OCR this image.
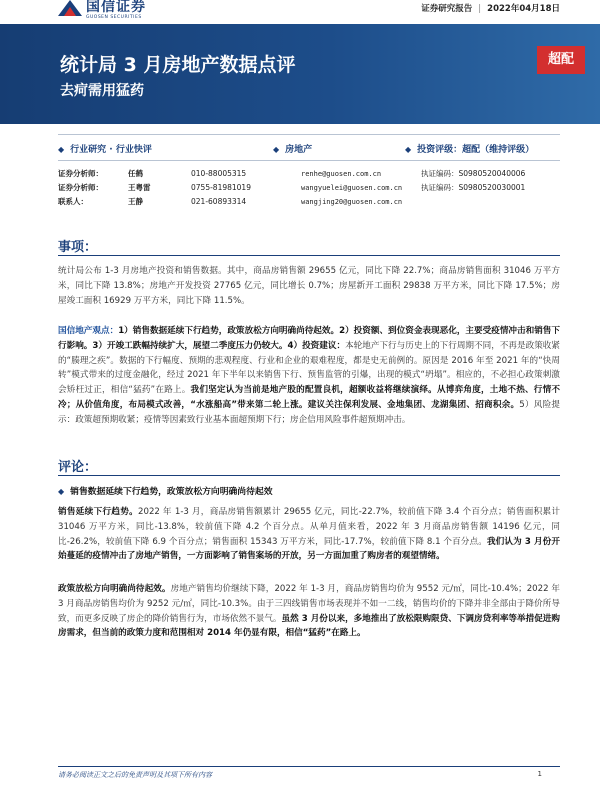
国信证券
GUOSEN SECURITIES
证券研究报告 | 2022年04月18日
统计局 3 月房地产数据点评
去疴需用猛药
超配
◆ 行业研究 · 行业快评	◆ 房地产	◆ 投资评级：超配（维持评级）
证券分析师：	任鹤	010-88005315	renhe@guosen.com.cn	执证编码：S0980520040006
证券分析师：	王粤雷	0755-81981019	wangyuelei@guosen.com.cn	执证编码：S0980520030001
联系人：	王静	021-60893314	wangjing20@guosen.com.cn
事项：
统计局公布 1-3 月房地产投资和销售数据。其中，商品房销售额 29655 亿元，同比下降 22.7%；商品房销售面积 31046 万平方米，同比下降 13.8%；房地产开发投资 27765 亿元，同比增长 0.7%；房屋新开工面积 29838 万平方米，同比下降 17.5%；房屋竣工面积 16929 万平方米，同比下降 11.5%。
国信地产观点：1）销售数据延续下行趋势，政策放松方向明确尚待起效。2）投资额、到位资金表现恶化，主要受疫情冲击和销售下行影响。3）开竣工跌幅持续扩大，展望二季度压力仍较大。4）投资建议：本轮地产下行与历史上的下行周期不同，不再是政策收紧的“腠理之疾”。数据的下行幅度、预期的悲观程度、行业和企业的艰难程度，都是史无前例的。原因是 2016 年至 2021 年的“快周转”模式带来的过度金融化，经过 2021 年下半年以来销售下行、预售监管的引爆，出现的模式“坍塌”。相应的，不必担心政策刺激会矫枉过正，相信“猛药”在路上。我们坚定认为当前是地产股的配置良机，超额收益将继续演绎。从博弈角度，土地不热、行情不冷；从价值角度，布局模式改善，“水涨船高”带来第二轮上涨。建议关注保利发展、金地集团、龙湖集团、招商积余。5）风险提示：政策超预期收紧；疫情等因素致行业基本面超预期下行；房企信用风险事件超预期冲击。
评论：
◆ 销售数据延续下行趋势，政策放松方向明确尚待起效
销售延续下行趋势。2022 年 1-3 月，商品房销售额累计 29655 亿元，同比-22.7%，较前值下降 3.4 个百分点；销售面积累计 31046 万平方米，同比-13.8%，较前值下降 4.2 个百分点。从单月值来看，2022 年 3 月商品房销售额 14196 亿元，同比-26.2%，较前值下降 6.9 个百分点；销售面积 15343 万平方米，同比-17.7%，较前值下降 8.1 个百分点。我们认为 3 月份开始蔓延的疫情冲击了房地产销售，一方面影响了销售案场的开放，另一方面加重了购房者的观望情绪。
政策放松方向明确尚待起效。房地产销售均价继续下降，2022 年 1-3 月，商品房销售均价为 9552 元/㎡，同比-10.4%；2022 年 3 月商品房销售均价为 9252 元/㎡，同比-10.3%。由于三四线销售市场表现并不如一二线，销售均价的下降并非全部由于降价所导致，而更多反映了房企的降价销售行为，市场依然不景气。虽然 3 月份以来，多地推出了放松限购限贷、下调房贷利率等举措促进购房需求，但当前的政策力度和范围相对 2014 年仍显有限，相信“猛药”在路上。
请务必阅读正文之后的免责声明及其项下所有内容	1
